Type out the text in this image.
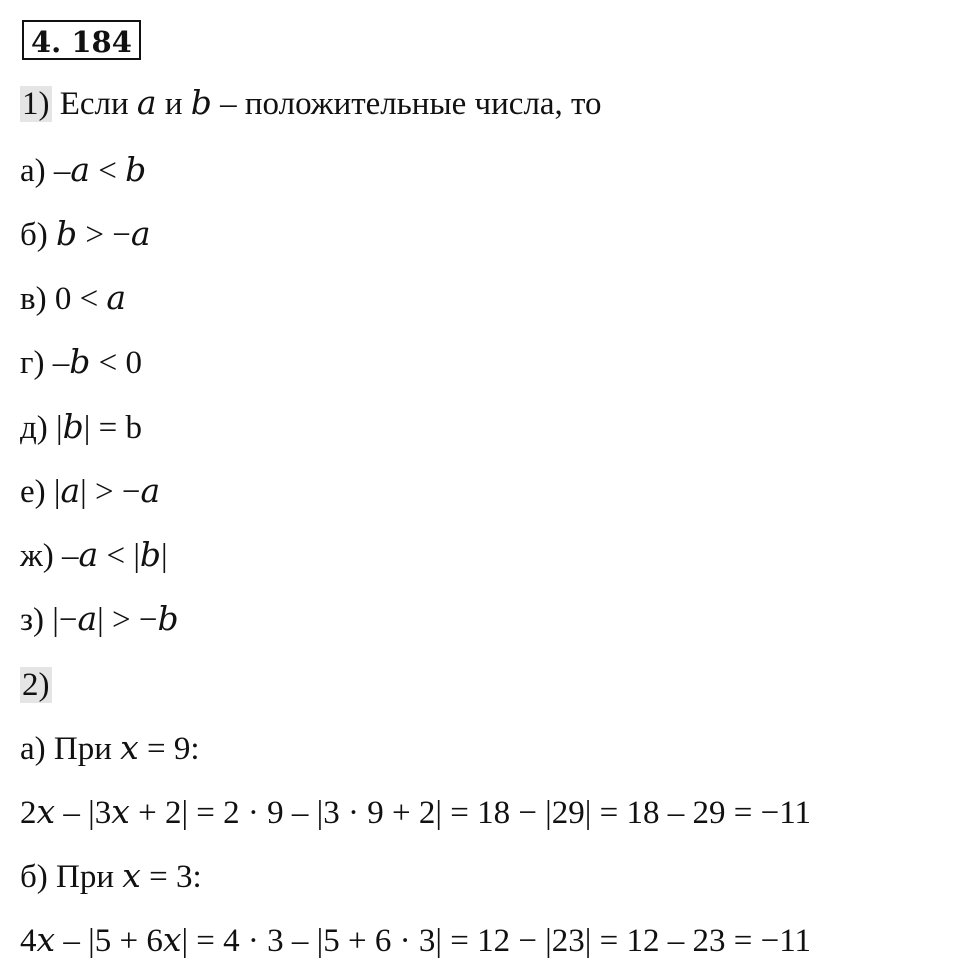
4. 184
1) Если 𝑎 и 𝑏 – положительные числа, то
а) –𝑎 < 𝑏
б) 𝑏 > −𝑎
в) 0 < 𝑎
г) –𝑏 < 0
д) |𝑏| = b
е) |𝑎| > −𝑎
ж) –𝑎 < |𝑏|
з) |−𝑎| > −𝑏
2)
а) При 𝑥 = 9:
2𝑥 – |3𝑥 + 2| = 2 · 9 – |3 · 9 + 2| = 18 − |29| = 18 – 29 = −11
б) При 𝑥 = 3:
4𝑥 – |5 + 6𝑥| = 4 · 3 – |5 + 6 · 3| = 12 − |23| = 12 – 23 = −11
